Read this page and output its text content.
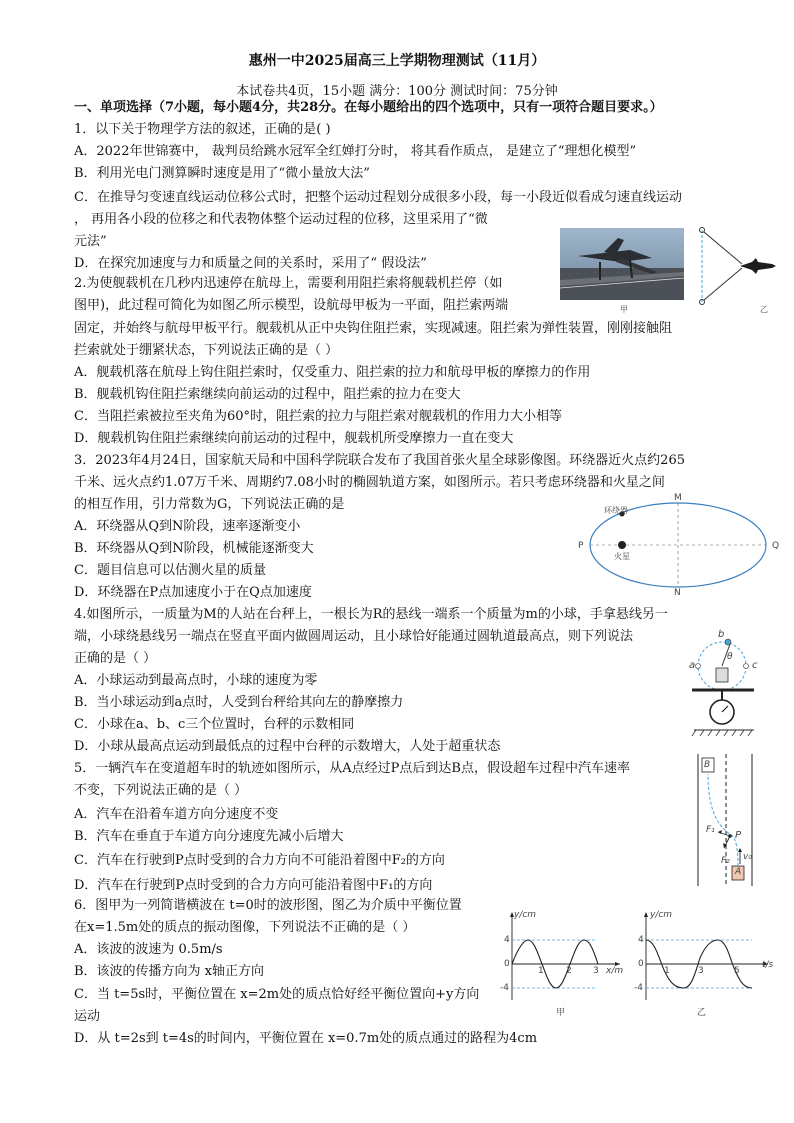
惠州一中2025届高三上学期物理测试（11月）
本试卷共4页，15小题 满分：100分 测试时间：75分钟
一、单项选择（7小题，每小题4分，共28分。在每小题给出的四个选项中，只有一项符合题目要求。）
1．以下关于物理学方法的叙述，正确的是( )
A．2022年世锦赛中， 裁判员给跳水冠军全红婵打分时， 将其看作质点， 是建立了“理想化模型”
B．利用光电门测算瞬时速度是用了“微小量放大法”
C．在推导匀变速直线运动位移公式时，把整个运动过程划分成很多小段，每一小段近似看成匀速直线运动
， 再用各小段的位移之和代表物体整个运动过程的位移，这里采用了“微
元法”
D．在探究加速度与力和质量之间的关系时，采用了“ 假设法”
甲	乙
2.为使舰载机在几秒内迅速停在航母上，需要利用阻拦索将舰载机拦停（如
图甲)，此过程可简化为如图乙所示模型，设航母甲板为一平面，阻拦索两端
固定，并始终与航母甲板平行。舰载机从正中央钩住阻拦索，实现减速。阻拦索为弹性装置，刚刚接触阻
拦索就处于绷紧状态，下列说法正确的是（ ）
A．舰载机落在航母上钩住阻拦索时，仅受重力、阻拦索的拉力和航母甲板的摩擦力的作用
B．舰载机钩住阻拦索继续向前运动的过程中，阻拦索的拉力在变大
C．当阻拦索被拉至夹角为60°时，阻拦索的拉力与阻拦索对舰载机的作用力大小相等
D．舰载机钩住阻拦索继续向前运动的过程中，舰载机所受摩擦力一直在变大
3．2023年4月24日，国家航天局和中国科学院联合发布了我国首张火星全球影像图。环绕器近火点约265
千米、远火点约1.07万千米、周期约7.08小时的椭圆轨道方案，如图所示。若只考虑环绕器和火星之间
的相互作用，引力常数为G，下列说法正确的是
A．环绕器从Q到N阶段，速率逐渐变小
B．环绕器从Q到N阶段，机械能逐渐变大
C．题目信息可以估测火星的质量
D．环绕器在P点加速度小于在Q点加速度
M
N
P	Q
环绕器
火星
4.如图所示，一质量为M的人站在台秤上，一根长为R的悬线一端系一个质量为m的小球，手拿悬线另一
端，小球绕悬线另一端点在竖直平面内做圆周运动，且小球恰好能通过圆轨道最高点，则下列说法
正确的是（ ）
A．小球运动到最高点时，小球的速度为零
B．当小球运动到a点时，人受到台秤给其向左的静摩擦力
C．小球在a、b、c三个位置时，台秤的示数相同
D．小球从最高点运动到最低点的过程中台秤的示数增大，人处于超重状态
b
a	c
θ
5．一辆汽车在变道超车时的轨迹如图所示，从A点经过P点后到达B点，假设超车过程中汽车速率
不变，下列说法正确的是（ ）
A．汽车在沿着车道方向分速度不变
B．汽车在垂直于车道方向分速度先减小后增大
C．汽车在行驶到P点时受到的合力方向不可能沿着图中F₂的方向
D．汽车在行驶到P点时受到的合力方向可能沿着图中F₁的方向
B
A
P
F₁
F₂ v₀
6．图甲为一列简谐横波在 t=0时的波形图，图乙为介质中平衡位置
在x=1.5m处的质点的振动图像，下列说法不正确的是（ ）
A．该波的波速为 0.5m/s
B．该波的传播方向为 x轴正方向
C．当 t=5s时，平衡位置在 x=2m处的质点恰好经平衡位置向+y方向
运动
D．从 t=2s到 t=4s的时间内，平衡位置在 x=0.7m处的质点通过的路程为4cm
y/cm
x/m
4
0
-4
1 2 3
甲
y/cm
t/s
4
0
-4
1	3	5
乙
